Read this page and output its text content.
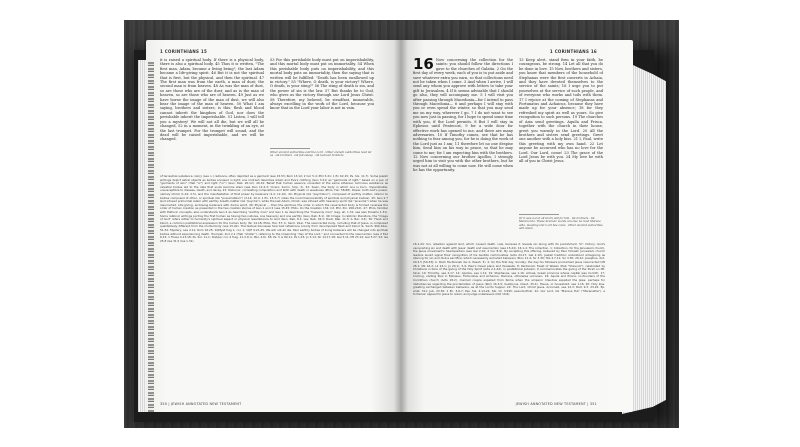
1 CORINTHIANS 15
it is raised a spiritual body. If there is a physical body, there is also a spiritual body. 45 Thus it is written, "The first man, Adam, became a living being"; the last Adam became a life-giving spirit. 46 But it is not the spiritual that is first, but the physical, and then the spiritual. 47 The first man was from the earth, a man of dust; the second man is from heaven. 48 As was the man of dust, so are those who are of the dust; and as is the man of heaven, so are those who are of heaven. 49 Just as we have borne the image of the man of dust, we will also bear the image of the man of heaven. 50 What I am saying, brothers and sisters, is this: flesh and blood cannot inherit the kingdom of God, nor does the perishable inherit the imperishable. 51 Listen, I will tell you a mystery! We will not all die, but we will all be changed, 52 in a moment, in the twinkling of an eye, at the last trumpet. For the trumpet will sound, and the dead will be raised imperishable, and we will be changed.
53 For this perishable body must put on imperishability, and this mortal body must put on immortality. 54 When this perishable body puts on imperishability, and this mortal body puts on immortality, then the saying that is written will be fulfilled: "Death has been swallowed up in victory." 55 "Where, O death, is your victory? Where, O death, is your sting?" 56 The sting of death is sin, and the power of sin is the law. 57 But thanks be to God, who gives us the victory through our Lord Jesus Christ. 58 Therefore, my beloved, be steadfast, immovable, always excelling in the work of the Lord, because you know that in the Lord your labor is not in vain.
Other ancient authorities add the Lord · Other ancient authorities read let us · Gk brothers · Gk fall asleep · Gk beloved brothers
of terrestrial substance. Glory (see n.) radiance, often depicted as a garment (see 15.53; Rom 13.12; 2 Cor 5.4; Phil 3.21; 1 En 62.15; Ps. Sol. 11.7). Some Jewish writings depict astral objects as bodies encased in light; one midrash describes Adam and Eve's clothing (Gen 3.21) as "garments of light," based on a pun of "garments of skin" (Heb "or") and light ("or") (Gen. Rab. 20.12). 40-41: Belief that human essence consisted of the same ethereal, luminous substance as celestial bodies led to the idea that souls become stars (see Dan 12.2-3; Cicero, Somn. Scip. 3). 42: Sown, the body in which one is born. Imperishable, unsusceptible to disease, death, and decay. 43: Dishonor, correlating composition and birth with death or weakness (Philo, Her. 58-68). Power, both God's power, namely Christ (1.24; 2.5), and the manifestation of that power by believers (2.4; 12.10). 44: Physical (Gk "psychikon"), composed of earthly matter, inferior to bodies composed of other, or spiritual (Gk "pneumatikon") (2.14; 10.4; 1 Ex. 15.3-7) notes the incommensurability of spiritual and physical bodies). 45: Gen 2.7 God infused primordial Adam with earthly breath-matter (Gk "psyche"), while the last Adam, Christ, was infused with heavenly spirit (Gk "pneuma") when he was resurrected. Life-giving, endowing believers with divine spirit. 46: Physical ... then the spiritual, the order in which the resurrected body is formed reverses the order of human creation as presented in the two creation stories of Gen 1 and 2 (see 15.45; Philo, On the Creation 134; Int. Phil. Por. 206-210). 47: Philo, familiar with Platonic concepts, also understands Gen 2 as describing "earthly man" and Gen 1 as describing the "heavenly man" (Leg. all. 1.31; see also Dreams 1.31). Some rabbinic writings portray the first human as having two natures, one heavenly and one earthly (Gen. Rab. 8.1). 49: Image. In rabbinic literature, the "image of God" refers either to humanity's spiritual aspect or physical resemblance to God (Gen. Rab. 8.1; Lev. Rab. 34.3; Deut. Rab. 11.3; b. Ber. 4.5). 50: Flesh and blood, a common postbiblical expression for the human body (Sir 14.18; Philo, Her. 57; b. Sanh. 91a). The resurrected body, including that of Jesus, is composed qualitatively different from the mortal body (see 15.40). The textual discusses how God refashions a body from decomposed flesh and blood (b. Sanh. 90b-91a). 51-52: Mystery, see 2.11; Rom 16.25; 1QMyst frag 1, col. 1; 1QH 9.21-25. We will not all die. Paul earthly bodies of living believers will be changed into spiritual bodies without experiencing death. Trumpet, 2nd 2.1 (Heb "shofar"), referring to the impending "day of the Lord," and connected to the resurrection (see 2 Esd 6.23; 1 Thess 4.13-18; Ps. Sol. 11.1; 4QApoc col. 4 frag. 11.3-9; b. Ber. 4.6). 56: Ps. 5 is 60.11; Ps 1.23; Jn 3.14; Sir 14.17-18; Gal 3.11; Mt 23.14; Gal 3.27. 54: Isa 25.8 (Isa 31.5 (Isa 1.31).
350 | JEWISH ANNOTATED NEW TESTAMENT
1 CORINTHIANS 16
16 Now concerning the collection for the saints: you should follow the directions I gave to the churches of Galatia. 2 On the first day of every week, each of you is to put aside and save whatever extra you earn, so that collections need not be taken when I come. 3 And when I arrive, I will send any whom you approve with letters to take your gift to Jerusalem. 4 If it seems advisable that I should go also, they will accompany me. 5 I will visit you after passing through Macedonia—for I intend to pass through Macedonia— 6 and perhaps I will stay with you or even spend the winter, so that you may send me on my way, wherever I go. 7 I do not want to see you now just in passing, for I hope to spend some time with you, if the Lord permits. 8 But I will stay in Ephesus until Pentecost, 9 for a wide door for effective work has opened to me, and there are many adversaries. 10 If Timothy comes, see that he has nothing to fear among you, for he is doing the work of the Lord just as I am; 11 therefore let no one despise him. Send him on his way in peace, so that he may come to me; for I am expecting him with the brothers. 12 Now concerning our brother Apollos, I strongly urged him to visit you with the other brothers, but he was not at all willing to come now. He will come when he has the opportunity.
13 Keep alert, stand firm in your faith, be courageous, be strong. 14 Let all that you do be done in love. 15 Now, brothers and sisters, you know that members of the household of Stephanas were the first converts in Achaia, and they have devoted themselves to the service of the saints; 16 I urge you to put yourselves at the service of such people, and of everyone who works and toils with them. 17 I rejoice at the coming of Stephanas and Fortunatus and Achaicus, because they have made up for your absence; 18 for they refreshed my spirit as well as yours. So give recognition to such persons. 19 The churches of Asia send greetings. Aquila and Prisca, together with the church in their house, greet you warmly in the Lord. 20 All the brothers and sisters send greetings. Greet one another with a holy kiss. 21 I, Paul, write this greeting with my own hand. 22 Let anyone be accursed who has no love for the Lord. Our Lord, come! 23 The grace of the Lord Jesus be with you. 24 My love be with all of you in Christ Jesus.
Or it was not at all God's will for him · Gk brothers · Gk Maranа tha. These Aramaic words can also be read Marana atha, meaning Our Lord has come · Other ancient authorities add Amen
16.1-24: Sin, rebellion against God, which caused death. Law, because it reveals sin along with its punishment. 57: Victory, God's vanquishing sin and death with Jesus' death and resurrection (see 15.24). 16.1-4: The collection. 1: Collection, for the Jerusalem church, the Jesus movement's headquarters (see Gal 2.10; 2 Cor 8-9). By accepting this offering, believed by Paul himself, Jerusalem church leaders would signal their recognition of his Gentile communities (Acts 24.17; Gal 2.10). Jewish tradition understood almsgiving as atoning for sin and divine sacrifice, which necessarily excluded believers (Prov 11.4; Sir 3.30; Tob 4.7-11; Sir 3.30; 29.12; Josephus, Ant. 20.2.5 [50-53]; b. Rosh Ha-Shanah 4a; b. Pesah. 3). 2: On the first day, Sunday, the day his followers proclaimed Jesus resurrected (Mt 28.1; Mk 16.2; Lk 24.1; Jn 20.1). 5-9: Paul's travel plans and farewells. 8: Pentecost, Feast of Weeks (Heb "Shavuot"), celebrated by Christians in time of the giving of the Holy Spirit (Acts 2.1-42); in postbiblical Judaism, it commemorates the giving of the Torah on Mt. Sinai. 10: Timothy, see 4.17. 12: Apollos, see 1.12. 19: Stephanas, see 1.16. Achaia, Greek province whose capital was Corinth. 17: Coming, visiting Paul in Ephesus. Fortunatus and Achaicus, Romans, otherwise unknown. 19: Aquila and Prisca, co-founders of the Corinthian church (Acts 18.2), married couple expelled from Rome when the emperor Claudius expelled the Jews, perhaps for disturbances regarding the proclamation of Jesus (Rom 16.3-5; Suetonius, Claud. 25.4). House, or household; see 1.16. 20: Holy kiss, greeting exchanged between believers, as at the Lord's Supper. 22: The Lord, Christ Jesus. Accursed, see 12.3; Rom 9.3. 23-24: Ep. Arist. 311; Jub. 23.30; 1 En. 5.6-7; Pss. Sol. 4.14-22; Sib. Or. 3.595; pseudo-Philo. 22: Our Lord, Gk "Marana tha" ("Maranatha"), a formulaic appeal for Jesus to return and judge unbelievers (Did 10.6).
JEWISH ANNOTATED NEW TESTAMENT | 351
